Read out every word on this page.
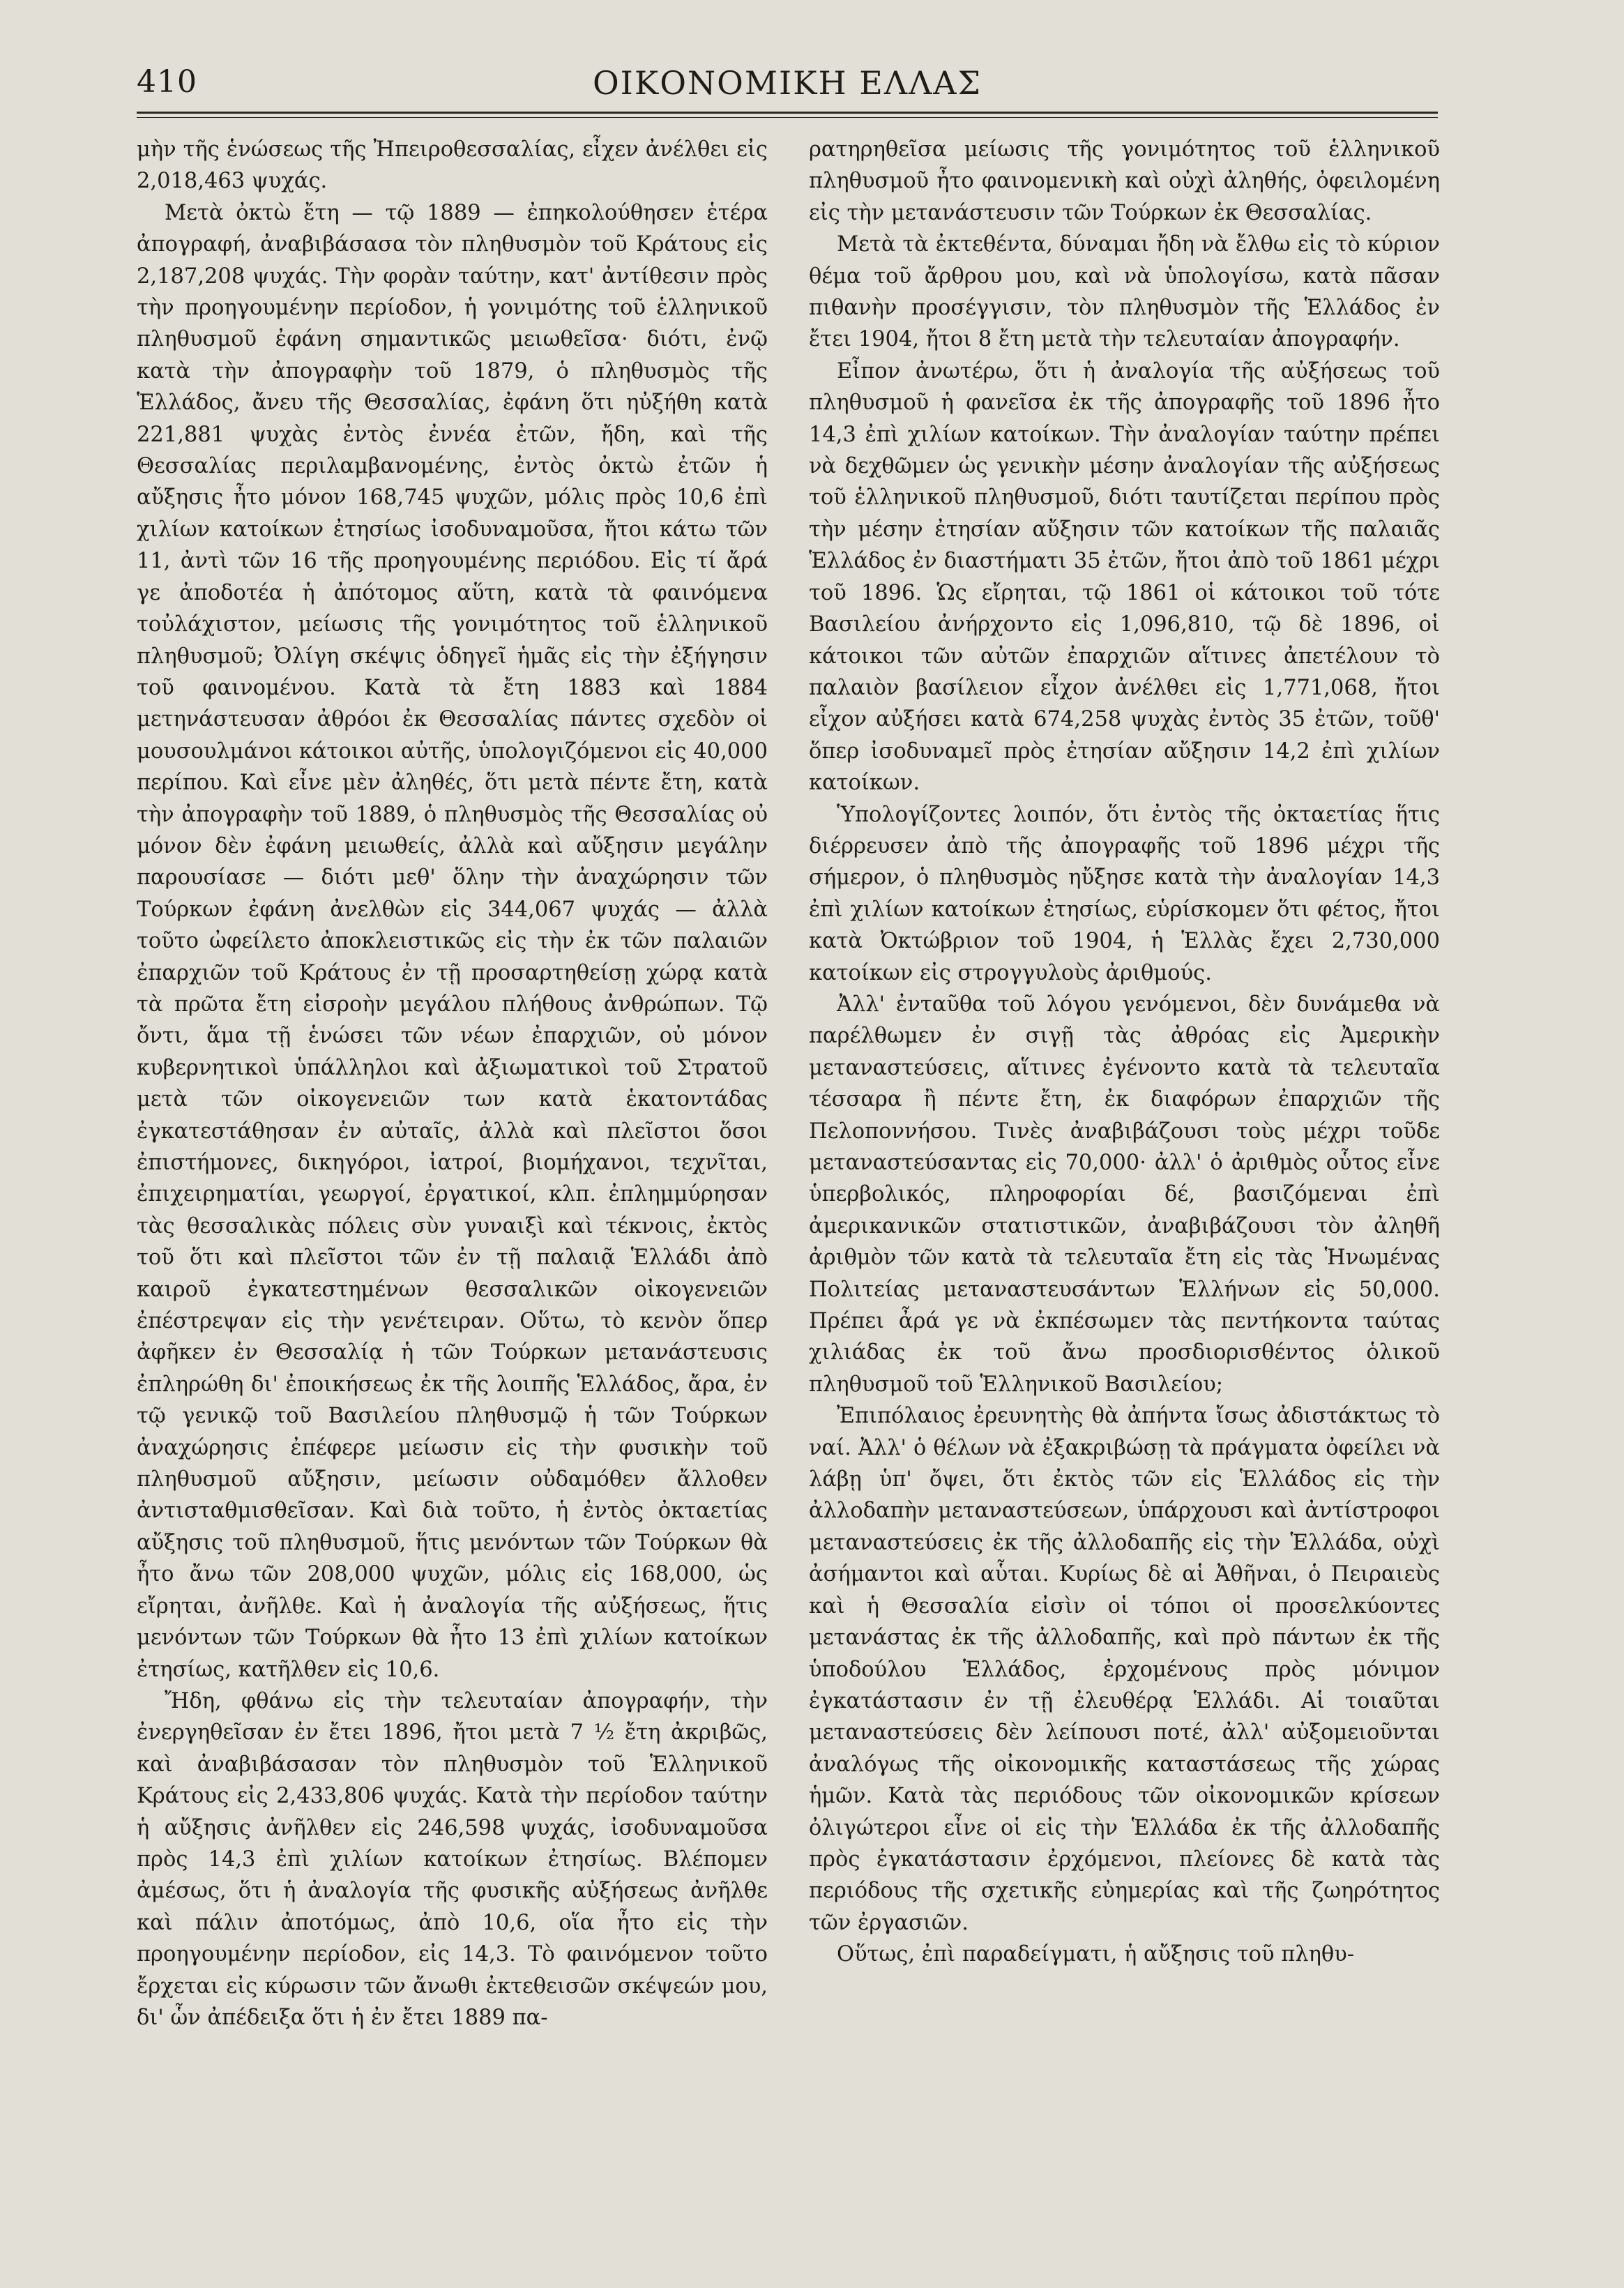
410	ΟΙΚΟΝΟΜΙΚΗ ΕΛΛΑΣ

μὴν τῆς ἑνώσεως τῆς Ἠπειροθεσσαλίας, εἶχεν ἀνέλθει εἰς 2,018,463 ψυχάς.

Μετὰ ὀκτὼ ἔτη — τῷ 1889 — ἐπηκολούθησεν ἑτέρα ἀπογραφή, ἀναβιβάσασα τὸν πληθυσμὸν τοῦ Κράτους εἰς 2,187,208 ψυχάς. Τὴν φορὰν ταύτην, κατ' ἀντίθεσιν πρὸς τὴν προηγουμένην περίοδον, ἡ γονιμότης τοῦ ἑλληνικοῦ πληθυσμοῦ ἐφάνη σημαντικῶς μειωθεῖσα· διότι, ἐνῷ κατὰ τὴν ἀπογραφὴν τοῦ 1879, ὁ πληθυσμὸς τῆς Ἑλλάδος, ἄνευ τῆς Θεσσαλίας, ἐφάνη ὅτι ηὐξήθη κατὰ 221,881 ψυχὰς ἐντὸς ἐννέα ἐτῶν, ἤδη, καὶ τῆς Θεσσαλίας περιλαμβανομένης, ἐντὸς ὀκτὼ ἐτῶν ἡ αὔξησις ἦτο μόνον 168,745 ψυχῶν, μόλις πρὸς 10,6 ἐπὶ χιλίων κατοίκων ἐτησίως ἰσοδυναμοῦσα, ἤτοι κάτω τῶν 11, ἀντὶ τῶν 16 τῆς προηγουμένης περιόδου. Εἰς τί ἄρά γε ἀποδοτέα ἡ ἀπότομος αὕτη, κατὰ τὰ φαινόμενα τοὐλάχιστον, μείωσις τῆς γονιμότητος τοῦ ἑλληνικοῦ πληθυσμοῦ; Ὀλίγη σκέψις ὁδηγεῖ ἡμᾶς εἰς τὴν ἐξήγησιν τοῦ φαινομένου. Κατὰ τὰ ἔτη 1883 καὶ 1884 μετηνάστευσαν ἀθρόοι ἐκ Θεσσαλίας πάντες σχεδὸν οἱ μουσουλμάνοι κάτοικοι αὐτῆς, ὑπολογιζόμενοι εἰς 40,000 περίπου. Καὶ εἶνε μὲν ἀληθές, ὅτι μετὰ πέντε ἔτη, κατὰ τὴν ἀπογραφὴν τοῦ 1889, ὁ πληθυσμὸς τῆς Θεσσαλίας οὐ μόνον δὲν ἐφάνη μειωθείς, ἀλλὰ καὶ αὔξησιν μεγάλην παρουσίασε — διότι μεθ' ὅλην τὴν ἀναχώρησιν τῶν Τούρκων ἐφάνη ἀνελθὼν εἰς 344,067 ψυχάς — ἀλλὰ τοῦτο ὠφείλετο ἀποκλειστικῶς εἰς τὴν ἐκ τῶν παλαιῶν ἐπαρχιῶν τοῦ Κράτους ἐν τῇ προσαρτηθείσῃ χώρᾳ κατὰ τὰ πρῶτα ἔτη εἰσροὴν μεγάλου πλήθους ἀνθρώπων. Τῷ ὄντι, ἅμα τῇ ἑνώσει τῶν νέων ἐπαρχιῶν, οὐ μόνον κυβερνητικοὶ ὑπάλληλοι καὶ ἀξιωματικοὶ τοῦ Στρατοῦ μετὰ τῶν οἰκογενειῶν των κατὰ ἑκατοντάδας ἐγκατεστάθησαν ἐν αὐταῖς, ἀλλὰ καὶ πλεῖστοι ὅσοι ἐπιστήμονες, δικηγόροι, ἰατροί, βιομήχανοι, τεχνῖται, ἐπιχειρηματίαι, γεωργοί, ἐργατικοί, κλπ. ἐπλημμύρησαν τὰς θεσσαλικὰς πόλεις σὺν γυναιξὶ καὶ τέκνοις, ἐκτὸς τοῦ ὅτι καὶ πλεῖστοι τῶν ἐν τῇ παλαιᾷ Ἑλλάδι ἀπὸ καιροῦ ἐγκατεστημένων θεσσαλικῶν οἰκογενειῶν ἐπέστρεψαν εἰς τὴν γενέτειραν. Οὕτω, τὸ κενὸν ὅπερ ἀφῆκεν ἐν Θεσσαλίᾳ ἡ τῶν Τούρκων μετανάστευσις ἐπληρώθη δι' ἐποικήσεως ἐκ τῆς λοιπῆς Ἑλλάδος, ἄρα, ἐν τῷ γενικῷ τοῦ Βασιλείου πληθυσμῷ ἡ τῶν Τούρκων ἀναχώρησις ἐπέφερε μείωσιν εἰς τὴν φυσικὴν τοῦ πληθυσμοῦ αὔξησιν, μείωσιν οὐδαμόθεν ἄλλοθεν ἀντισταθμισθεῖσαν. Καὶ διὰ τοῦτο, ἡ ἐντὸς ὀκταετίας αὔξησις τοῦ πληθυσμοῦ, ἥτις μενόντων τῶν Τούρκων θὰ ἦτο ἄνω τῶν 208,000 ψυχῶν, μόλις εἰς 168,000, ὡς εἴρηται, ἀνῆλθε. Καὶ ἡ ἀναλογία τῆς αὐξήσεως, ἥτις μενόντων τῶν Τούρκων θὰ ἦτο 13 ἐπὶ χιλίων κατοίκων ἐτησίως, κατῆλθεν εἰς 10,6.

Ἤδη, φθάνω εἰς τὴν τελευταίαν ἀπογραφήν, τὴν ἐνεργηθεῖσαν ἐν ἔτει 1896, ἤτοι μετὰ 7 ½ ἔτη ἀκριβῶς, καὶ ἀναβιβάσασαν τὸν πληθυσμὸν τοῦ Ἑλληνικοῦ Κράτους εἰς 2,433,806 ψυχάς. Κατὰ τὴν περίοδον ταύτην ἡ αὔξησις ἀνῆλθεν εἰς 246,598 ψυχάς, ἰσοδυναμοῦσα πρὸς 14,3 ἐπὶ χιλίων κατοίκων ἐτησίως. Βλέπομεν ἀμέσως, ὅτι ἡ ἀναλογία τῆς φυσικῆς αὐξήσεως ἀνῆλθε καὶ πάλιν ἀποτόμως, ἀπὸ 10,6, οἵα ἦτο εἰς τὴν προηγουμένην περίοδον, εἰς 14,3. Τὸ φαινόμενον τοῦτο ἔρχεται εἰς κύρωσιν τῶν ἄνωθι ἐκτεθεισῶν σκέψεών μου, δι' ὧν ἀπέδειξα ὅτι ἡ ἐν ἔτει 1889 πα-

ρατηρηθεῖσα μείωσις τῆς γονιμότητος τοῦ ἑλληνικοῦ πληθυσμοῦ ἦτο φαινομενικὴ καὶ οὐχὶ ἀληθής, ὀφειλομένη εἰς τὴν μετανάστευσιν τῶν Τούρκων ἐκ Θεσσαλίας.

Μετὰ τὰ ἐκτεθέντα, δύναμαι ἤδη νὰ ἔλθω εἰς τὸ κύριον θέμα τοῦ ἄρθρου μου, καὶ νὰ ὑπολογίσω, κατὰ πᾶσαν πιθανὴν προσέγγισιν, τὸν πληθυσμὸν τῆς Ἑλλάδος ἐν ἔτει 1904, ἤτοι 8 ἔτη μετὰ τὴν τελευταίαν ἀπογραφήν.

Εἶπον ἀνωτέρω, ὅτι ἡ ἀναλογία τῆς αὐξήσεως τοῦ πληθυσμοῦ ἡ φανεῖσα ἐκ τῆς ἀπογραφῆς τοῦ 1896 ἦτο 14,3 ἐπὶ χιλίων κατοίκων. Τὴν ἀναλογίαν ταύτην πρέπει νὰ δεχθῶμεν ὡς γενικὴν μέσην ἀναλογίαν τῆς αὐξήσεως τοῦ ἑλληνικοῦ πληθυσμοῦ, διότι ταυτίζεται περίπου πρὸς τὴν μέσην ἐτησίαν αὔξησιν τῶν κατοίκων τῆς παλαιᾶς Ἑλλάδος ἐν διαστήματι 35 ἐτῶν, ἤτοι ἀπὸ τοῦ 1861 μέχρι τοῦ 1896. Ὡς εἴρηται, τῷ 1861 οἱ κάτοικοι τοῦ τότε Βασιλείου ἀνήρχοντο εἰς 1,096,810, τῷ δὲ 1896, οἱ κάτοικοι τῶν αὐτῶν ἐπαρχιῶν αἵτινες ἀπετέλουν τὸ παλαιὸν βασίλειον εἶχον ἀνέλθει εἰς 1,771,068, ἤτοι εἶχον αὐξήσει κατὰ 674,258 ψυχὰς ἐντὸς 35 ἐτῶν, τοῦθ' ὅπερ ἰσοδυναμεῖ πρὸς ἐτησίαν αὔξησιν 14,2 ἐπὶ χιλίων κατοίκων.

Ὑπολογίζοντες λοιπόν, ὅτι ἐντὸς τῆς ὀκταετίας ἥτις διέρρευσεν ἀπὸ τῆς ἀπογραφῆς τοῦ 1896 μέχρι τῆς σήμερον, ὁ πληθυσμὸς ηὔξησε κατὰ τὴν ἀναλογίαν 14,3 ἐπὶ χιλίων κατοίκων ἐτησίως, εὑρίσκομεν ὅτι φέτος, ἤτοι κατὰ Ὀκτώβριον τοῦ 1904, ἡ Ἑλλὰς ἔχει 2,730,000 κατοίκων εἰς στρογγυλοὺς ἀριθμούς.

Ἀλλ' ἐνταῦθα τοῦ λόγου γενόμενοι, δὲν δυνάμεθα νὰ παρέλθωμεν ἐν σιγῇ τὰς ἀθρόας εἰς Ἀμερικὴν μεταναστεύσεις, αἵτινες ἐγένοντο κατὰ τὰ τελευταῖα τέσσαρα ἢ πέντε ἔτη, ἐκ διαφόρων ἐπαρχιῶν τῆς Πελοποννήσου. Τινὲς ἀναβιβάζουσι τοὺς μέχρι τοῦδε μεταναστεύσαντας εἰς 70,000· ἀλλ' ὁ ἀριθμὸς οὗτος εἶνε ὑπερβολικός, πληροφορίαι δέ, βασιζόμεναι ἐπὶ ἀμερικανικῶν στατιστικῶν, ἀναβιβάζουσι τὸν ἀληθῆ ἀριθμὸν τῶν κατὰ τὰ τελευταῖα ἔτη εἰς τὰς Ἡνωμένας Πολιτείας μεταναστευσάντων Ἑλλήνων εἰς 50,000. Πρέπει ἆρά γε νὰ ἐκπέσωμεν τὰς πεντήκοντα ταύτας χιλιάδας ἐκ τοῦ ἄνω προσδιορισθέντος ὁλικοῦ πληθυσμοῦ τοῦ Ἑλληνικοῦ Βασιλείου;

Ἐπιπόλαιος ἐρευνητὴς θὰ ἀπήντα ἴσως ἀδιστάκτως τὸ ναί. Ἀλλ' ὁ θέλων νὰ ἐξακριβώσῃ τὰ πράγματα ὀφείλει νὰ λάβῃ ὑπ' ὄψει, ὅτι ἐκτὸς τῶν εἰς Ἑλλάδος εἰς τὴν ἀλλοδαπὴν μεταναστεύσεων, ὑπάρχουσι καὶ ἀντίστροφοι μεταναστεύσεις ἐκ τῆς ἀλλοδαπῆς εἰς τὴν Ἑλλάδα, οὐχὶ ἀσήμαντοι καὶ αὗται. Κυρίως δὲ αἱ Ἀθῆναι, ὁ Πειραιεὺς καὶ ἡ Θεσσαλία εἰσὶν οἱ τόποι οἱ προσελκύοντες μετανάστας ἐκ τῆς ἀλλοδαπῆς, καὶ πρὸ πάντων ἐκ τῆς ὑποδούλου Ἑλλάδος, ἐρχομένους πρὸς μόνιμον ἐγκατάστασιν ἐν τῇ ἐλευθέρᾳ Ἑλλάδι. Αἱ τοιαῦται μεταναστεύσεις δὲν λείπουσι ποτέ, ἀλλ' αὐξομειοῦνται ἀναλόγως τῆς οἰκονομικῆς καταστάσεως τῆς χώρας ἡμῶν. Κατὰ τὰς περιόδους τῶν οἰκονομικῶν κρίσεων ὀλιγώτεροι εἶνε οἱ εἰς τὴν Ἑλλάδα ἐκ τῆς ἀλλοδαπῆς πρὸς ἐγκατάστασιν ἐρχόμενοι, πλείονες δὲ κατὰ τὰς περιόδους τῆς σχετικῆς εὐημερίας καὶ τῆς ζωηρότητος τῶν ἐργασιῶν.

Οὕτως, ἐπὶ παραδείγματι, ἡ αὔξησις τοῦ πληθυ-
